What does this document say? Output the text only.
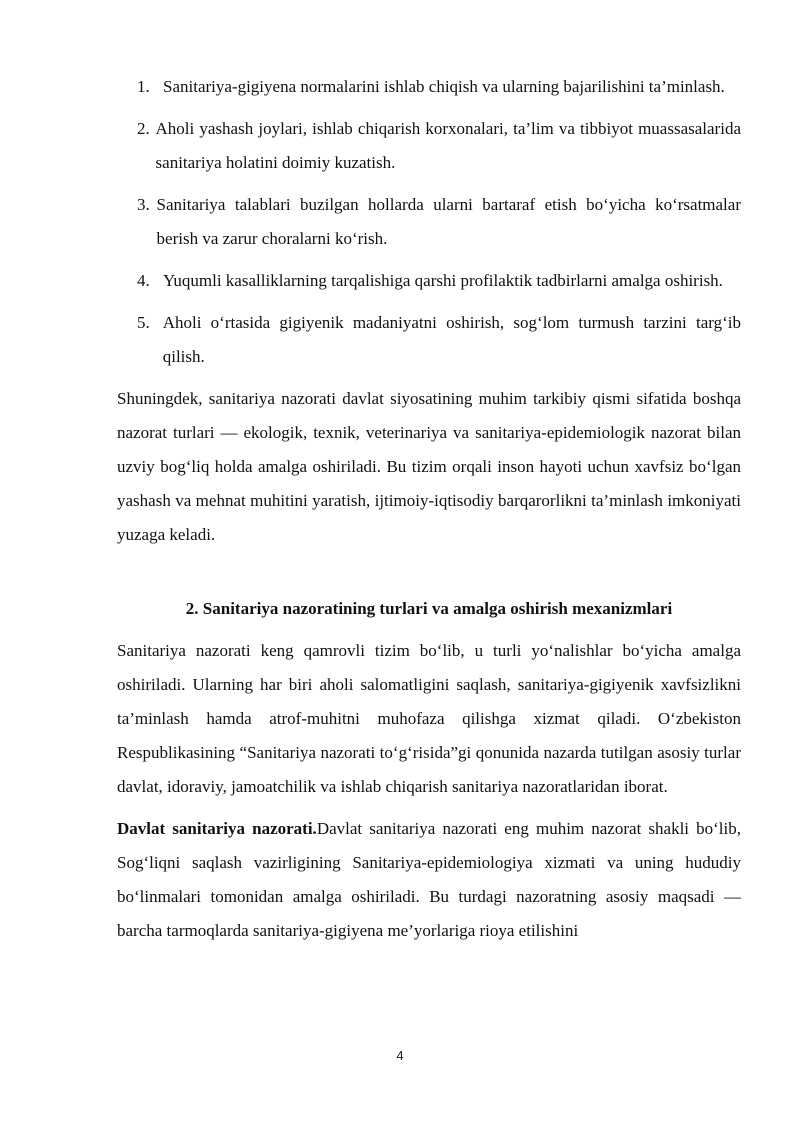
1. Sanitariya-gigiyena normalarini ishlab chiqish va ularning bajarilishini ta’minlash.
2. Aholi yashash joylari, ishlab chiqarish korxonalari, ta’lim va tibbiyot muassasalarida sanitariya holatini doimiy kuzatish.
3. Sanitariya talablari buzilgan hollarda ularni bartaraf etish bo‘yicha ko‘rsatmalar berish va zarur choralarni ko‘rish.
4. Yuqumli kasalliklarning tarqalishiga qarshi profilaktik tadbirlarni amalga oshirish.
5. Aholi o‘rtasida gigiyenik madaniyatni oshirish, sog‘lom turmush tarzini targ‘ib qilish.

Shuningdek, sanitariya nazorati davlat siyosatining muhim tarkibiy qismi sifatida boshqa nazorat turlari — ekologik, texnik, veterinariya va sanitariya-epidemiologik nazorat bilan uzviy bog‘liq holda amalga oshiriladi. Bu tizim orqali inson hayoti uchun xavfsiz bo‘lgan yashash va mehnat muhitini yaratish, ijtimoiy-iqtisodiy barqarorlikni ta’minlash imkoniyati yuzaga keladi.

2. Sanitariya nazoratining turlari va amalga oshirish mexanizmlari

Sanitariya nazorati keng qamrovli tizim bo‘lib, u turli yo‘nalishlar bo‘yicha amalga oshiriladi. Ularning har biri aholi salomatligini saqlash, sanitariya-gigiyenik xavfsizlikni ta’minlash hamda atrof-muhitni muhofaza qilishga xizmat qiladi. O‘zbekiston Respublikasining “Sanitariya nazorati to‘g‘risida”gi qonunida nazarda tutilgan asosiy turlar davlat, idoraviy, jamoatchilik va ishlab chiqarish sanitariya nazoratlaridan iborat.

Davlat sanitariya nazorati.Davlat sanitariya nazorati eng muhim nazorat shakli bo‘lib, Sog‘liqni saqlash vazirligining Sanitariya-epidemiologiya xizmati va uning hududiy bo‘linmalari tomonidan amalga oshiriladi. Bu turdagi nazoratning asosiy maqsadi — barcha tarmoqlarda sanitariya-gigiyena me’yorlariga rioya etilishini

4
